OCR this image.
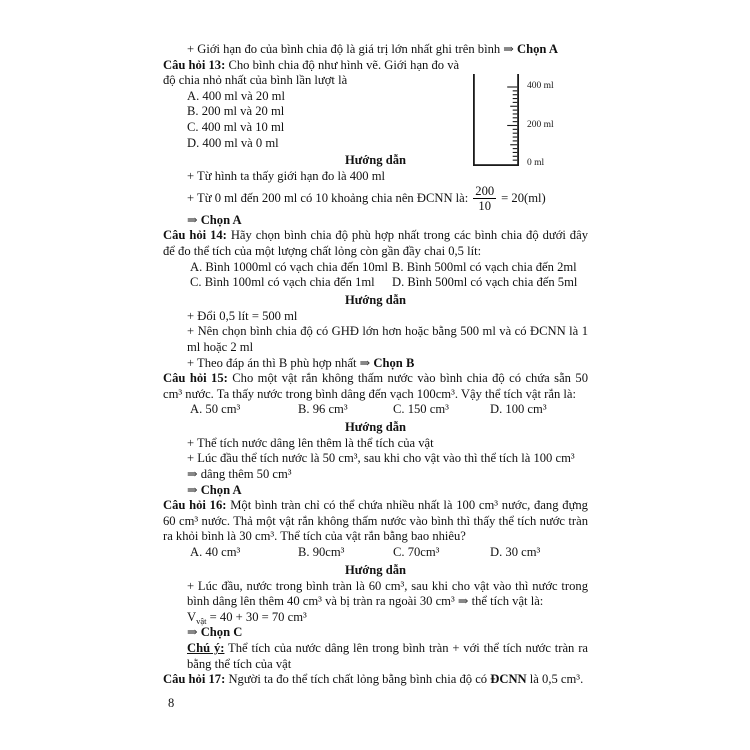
+ Giới hạn đo của bình chia độ là giá trị lớn nhất ghi trên bình ⇒ Chọn A
Câu hỏi 13: Cho bình chia độ như hình vẽ. Giới hạn đo và
độ chia nhỏ nhất của bình lần lượt là
A. 400 ml và 20 ml
B. 200 ml và 20 ml
C. 400 ml và 10 ml
D. 400 ml và 0 ml
Hướng dẫn
+ Từ hình ta thấy giới hạn đo là 400 ml
+ Từ 0 ml đến 200 ml có 10 khoảng chia nên ĐCNN là: $\frac{200}{10} = 20(ml)$
⇒ Chọn A
Câu hỏi 14: Hãy chọn bình chia độ phù hợp nhất trong các bình chia độ dưới đây
để đo thể tích của một lượng chất lỏng còn gần đầy chai 0,5 lít:
A. Bình 1000ml có vạch chia đến 10ml B. Bình 500ml có vạch chia đến 2ml
C. Bình 100ml có vạch chia đến 1ml D. Bình 500ml có vạch chia đến 5ml
Hướng dẫn
+ Đổi 0,5 lít = 500 ml
+ Nên chọn bình chia độ có GHĐ lớn hơn hoặc bằng 500 ml và có ĐCNN là 1
ml hoặc 2 ml
+ Theo đáp án thì B phù hợp nhất ⇒ Chọn B
Câu hỏi 15: Cho một vật rắn không thấm nước vào bình chia độ có chứa sẵn 50
cm³ nước. Ta thấy nước trong bình dâng đến vạch 100cm³. Vậy thể tích vật rắn là:
A. 50 cm³	B. 96 cm³	C. 150 cm³	D. 100 cm³
Hướng dẫn
+ Thể tích nước dâng lên thêm là thể tích của vật
+ Lúc đầu thể tích nước là 50 cm³, sau khi cho vật vào thì thể tích là 100 cm³
⇒ dâng thêm 50 cm³
⇒ Chọn A
Câu hỏi 16: Một bình tràn chỉ có thể chứa nhiều nhất là 100 cm³ nước, đang đựng
60 cm³ nước. Thả một vật rắn không thấm nước vào bình thì thấy thể tích nước tràn
ra khỏi bình là 30 cm³. Thể tích của vật rắn bằng bao nhiêu?
A. 40 cm³	B. 90cm³	C. 70cm³	D. 30 cm³
Hướng dẫn
+ Lúc đầu, nước trong bình tràn là 60 cm³, sau khi cho vật vào thì nước trong
bình dâng lên thêm 40 cm³ và bị tràn ra ngoài 30 cm³ ⇒ thể tích vật là:
$V_{vật} = 40 + 30 = 70$ cm³
⇒ Chọn C
Chú ý: Thể tích của nước dâng lên trong bình tràn + với thể tích nước tràn ra
bằng thể tích của vật
Câu hỏi 17: Người ta đo thể tích chất lỏng bằng bình chia độ có ĐCNN là 0,5 cm³.
400 ml
200 ml
0 ml
8
